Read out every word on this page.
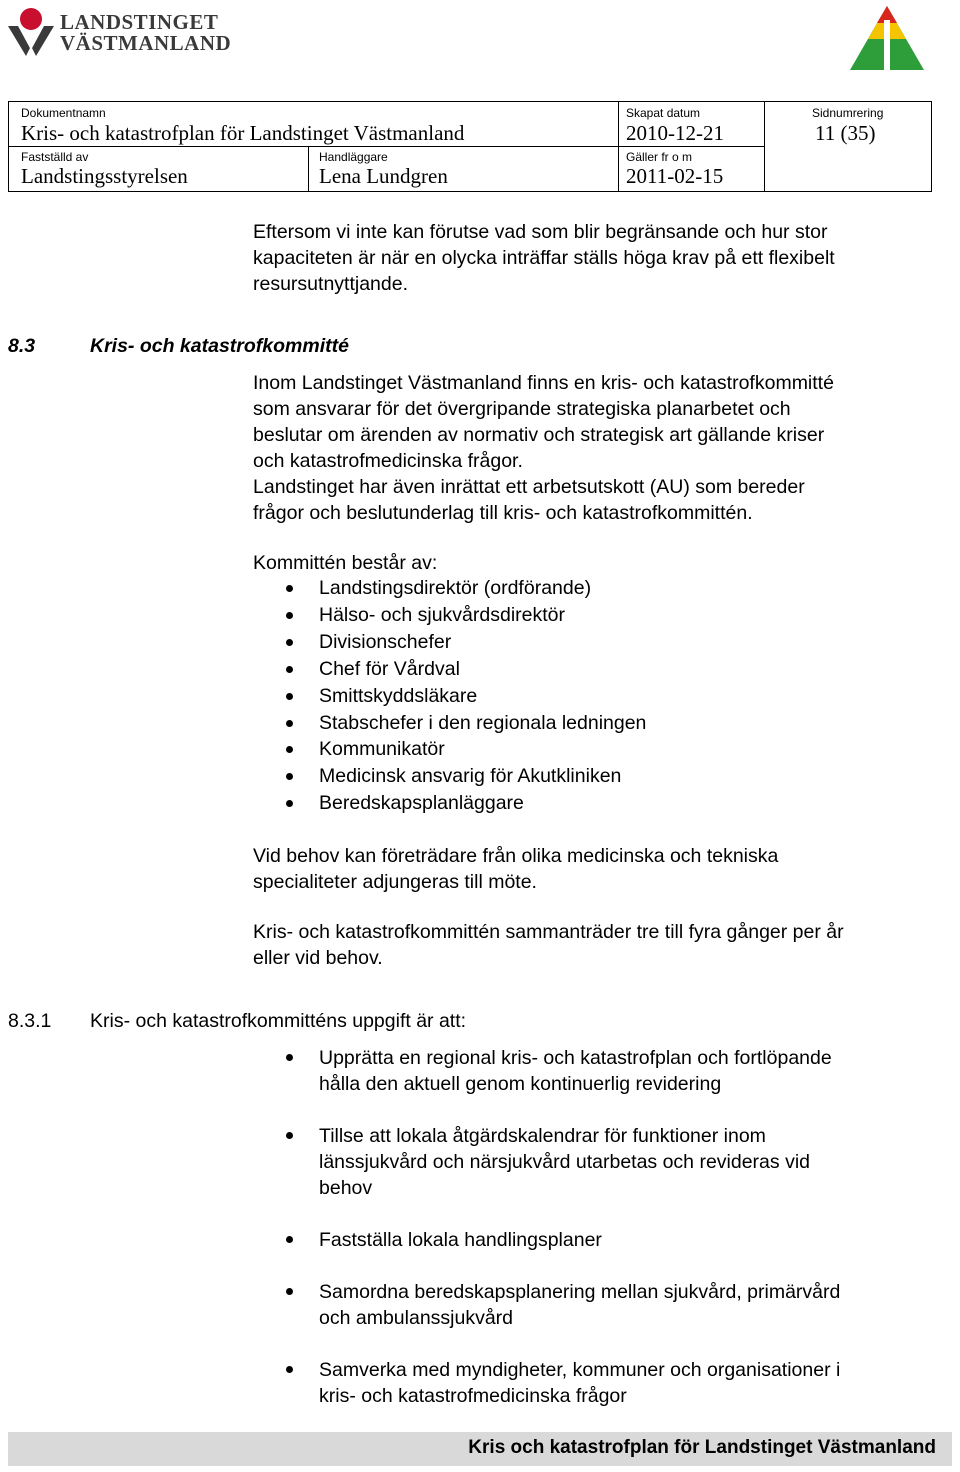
LANDSTINGET
VÄSTMANLAND
Dokumentnamn
Kris- och katastrofplan för Landstinget Västmanland
Skapat datum
2010-12-21
Sidnumrering
11 (35)
Fastställd av
Landstingsstyrelsen
Handläggare
Lena Lundgren
Gäller fr o m
2011-02-15
Eftersom vi inte kan förutse vad som blir begränsande och hur stor
kapaciteten är när en olycka inträffar ställs höga krav på ett flexibelt
resursutnyttjande.
8.3	Kris- och katastrofkommitté
Inom Landstinget Västmanland finns en kris- och katastrofkommitté
som ansvarar för det övergripande strategiska planarbetet och
beslutar om ärenden av normativ och strategisk art gällande kriser
och katastrofmedicinska frågor.
Landstinget har även inrättat ett arbetsutskott (AU) som bereder
frågor och beslutunderlag till kris- och katastrofkommittén.
Kommittén består av:
Landstingsdirektör (ordförande)
Hälso- och sjukvårdsdirektör
Divisionschefer
Chef för Vårdval
Smittskyddsläkare
Stabschefer i den regionala ledningen
Kommunikatör
Medicinsk ansvarig för Akutkliniken
Beredskapsplanläggare
Vid behov kan företrädare från olika medicinska och tekniska
specialiteter adjungeras till möte.
Kris- och katastrofkommittén sammanträder tre till fyra gånger per år
eller vid behov.
8.3.1 Kris- och katastrofkommitténs uppgift är att:
Upprätta en regional kris- och katastrofplan och fortlöpande
hålla den aktuell genom kontinuerlig revidering
Tillse att lokala åtgärdskalendrar för funktioner inom
länssjukvård och närsjukvård utarbetas och revideras vid
behov
Fastställa lokala handlingsplaner
Samordna beredskapsplanering mellan sjukvård, primärvård
och ambulanssjukvård
Samverka med myndigheter, kommuner och organisationer i
kris- och katastrofmedicinska frågor
Kris och katastrofplan för Landstinget Västmanland
